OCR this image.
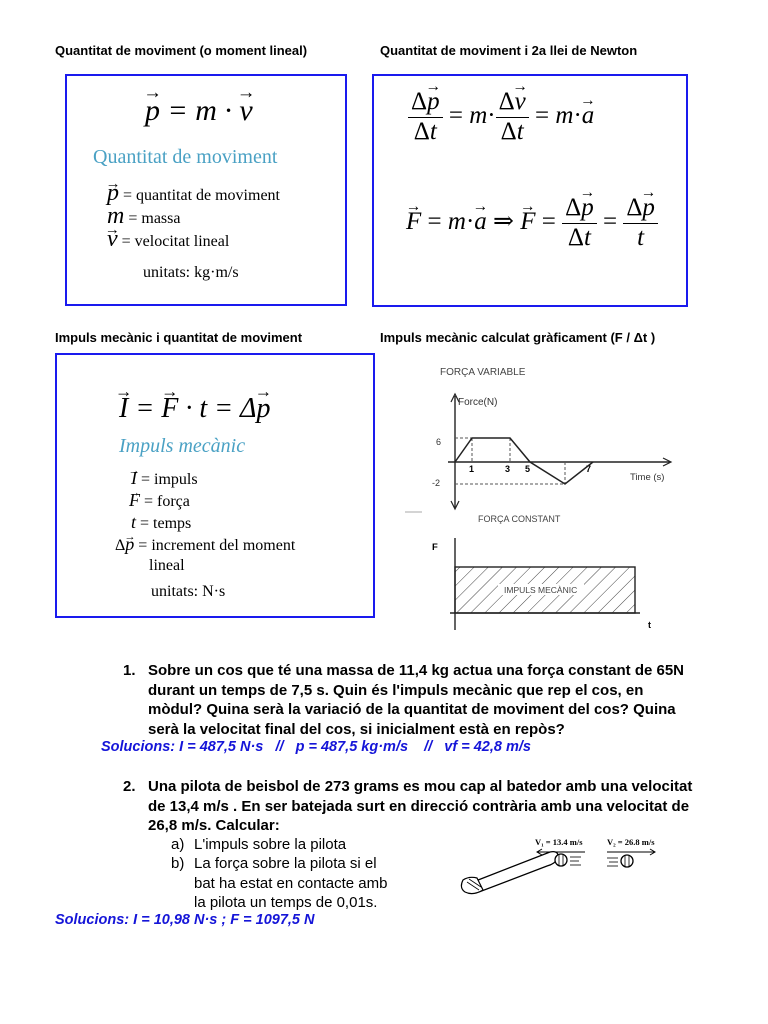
Quantitat de moviment (o moment lineal)	Quantitat de moviment i 2a llei de Newton
Impuls mecànic i quantitat de moviment	Impuls mecànic calculat gràficament (F / Δt )
→ p = m · → v
Quantitat de moviment
→ p = quantitat de moviment
m = massa
→ v = velocitat lineal
unitats: kg·m/s
$\frac{\Delta\to p}{\Delta t} = m\cdot \frac{\Delta\to v}{\Delta t} = m\cdot\to a$
→ F = m·→ a ⇒ → $F = \frac{\Delta\to p}{\Delta t} = \frac{\Delta\to p}{t}$
→ I = → F · t = Δ→ p
Impuls mecànic
→ I = impuls
→ F = força
t = temps
Δ→ p = increment del moment
lineal
unitats: N·s
FORÇA VARIABLE
Force(N)
Time (s)
6
-2
1	3 5	7
FORÇA CONSTANT
F
t
IMPULS MECÀNIC
1. Sobre un cos que té una massa de 11,4 kg actua una força constant de 65N
durant un temps de 7,5 s. Quin és l'impuls mecànic que rep el cos, en
mòdul? Quina serà la variació de la quantitat de moviment del cos? Quina
serà la velocitat final del cos, si inicialment està en repòs?
Solucions: I = 487,5 N·s   //   p = 487,5 kg·m/s    //   vf = 42,8 m/s
2. Una pilota de beisbol de 273 grams es mou cap al batedor amb una velocitat
de 13,4 m/s . En ser batejada surt en direcció contrària amb una velocitat de
26,8 m/s. Calcular:
a) L'impuls sobre la pilota
b) La força sobre la pilota si el
bat ha estat en contacte amb
la pilota un temps de 0,01s.
Solucions: I = 10,98 N·s ; F = 1097,5 N
V₁ = 13.4 m/s	V₂ = 26.8 m/s
